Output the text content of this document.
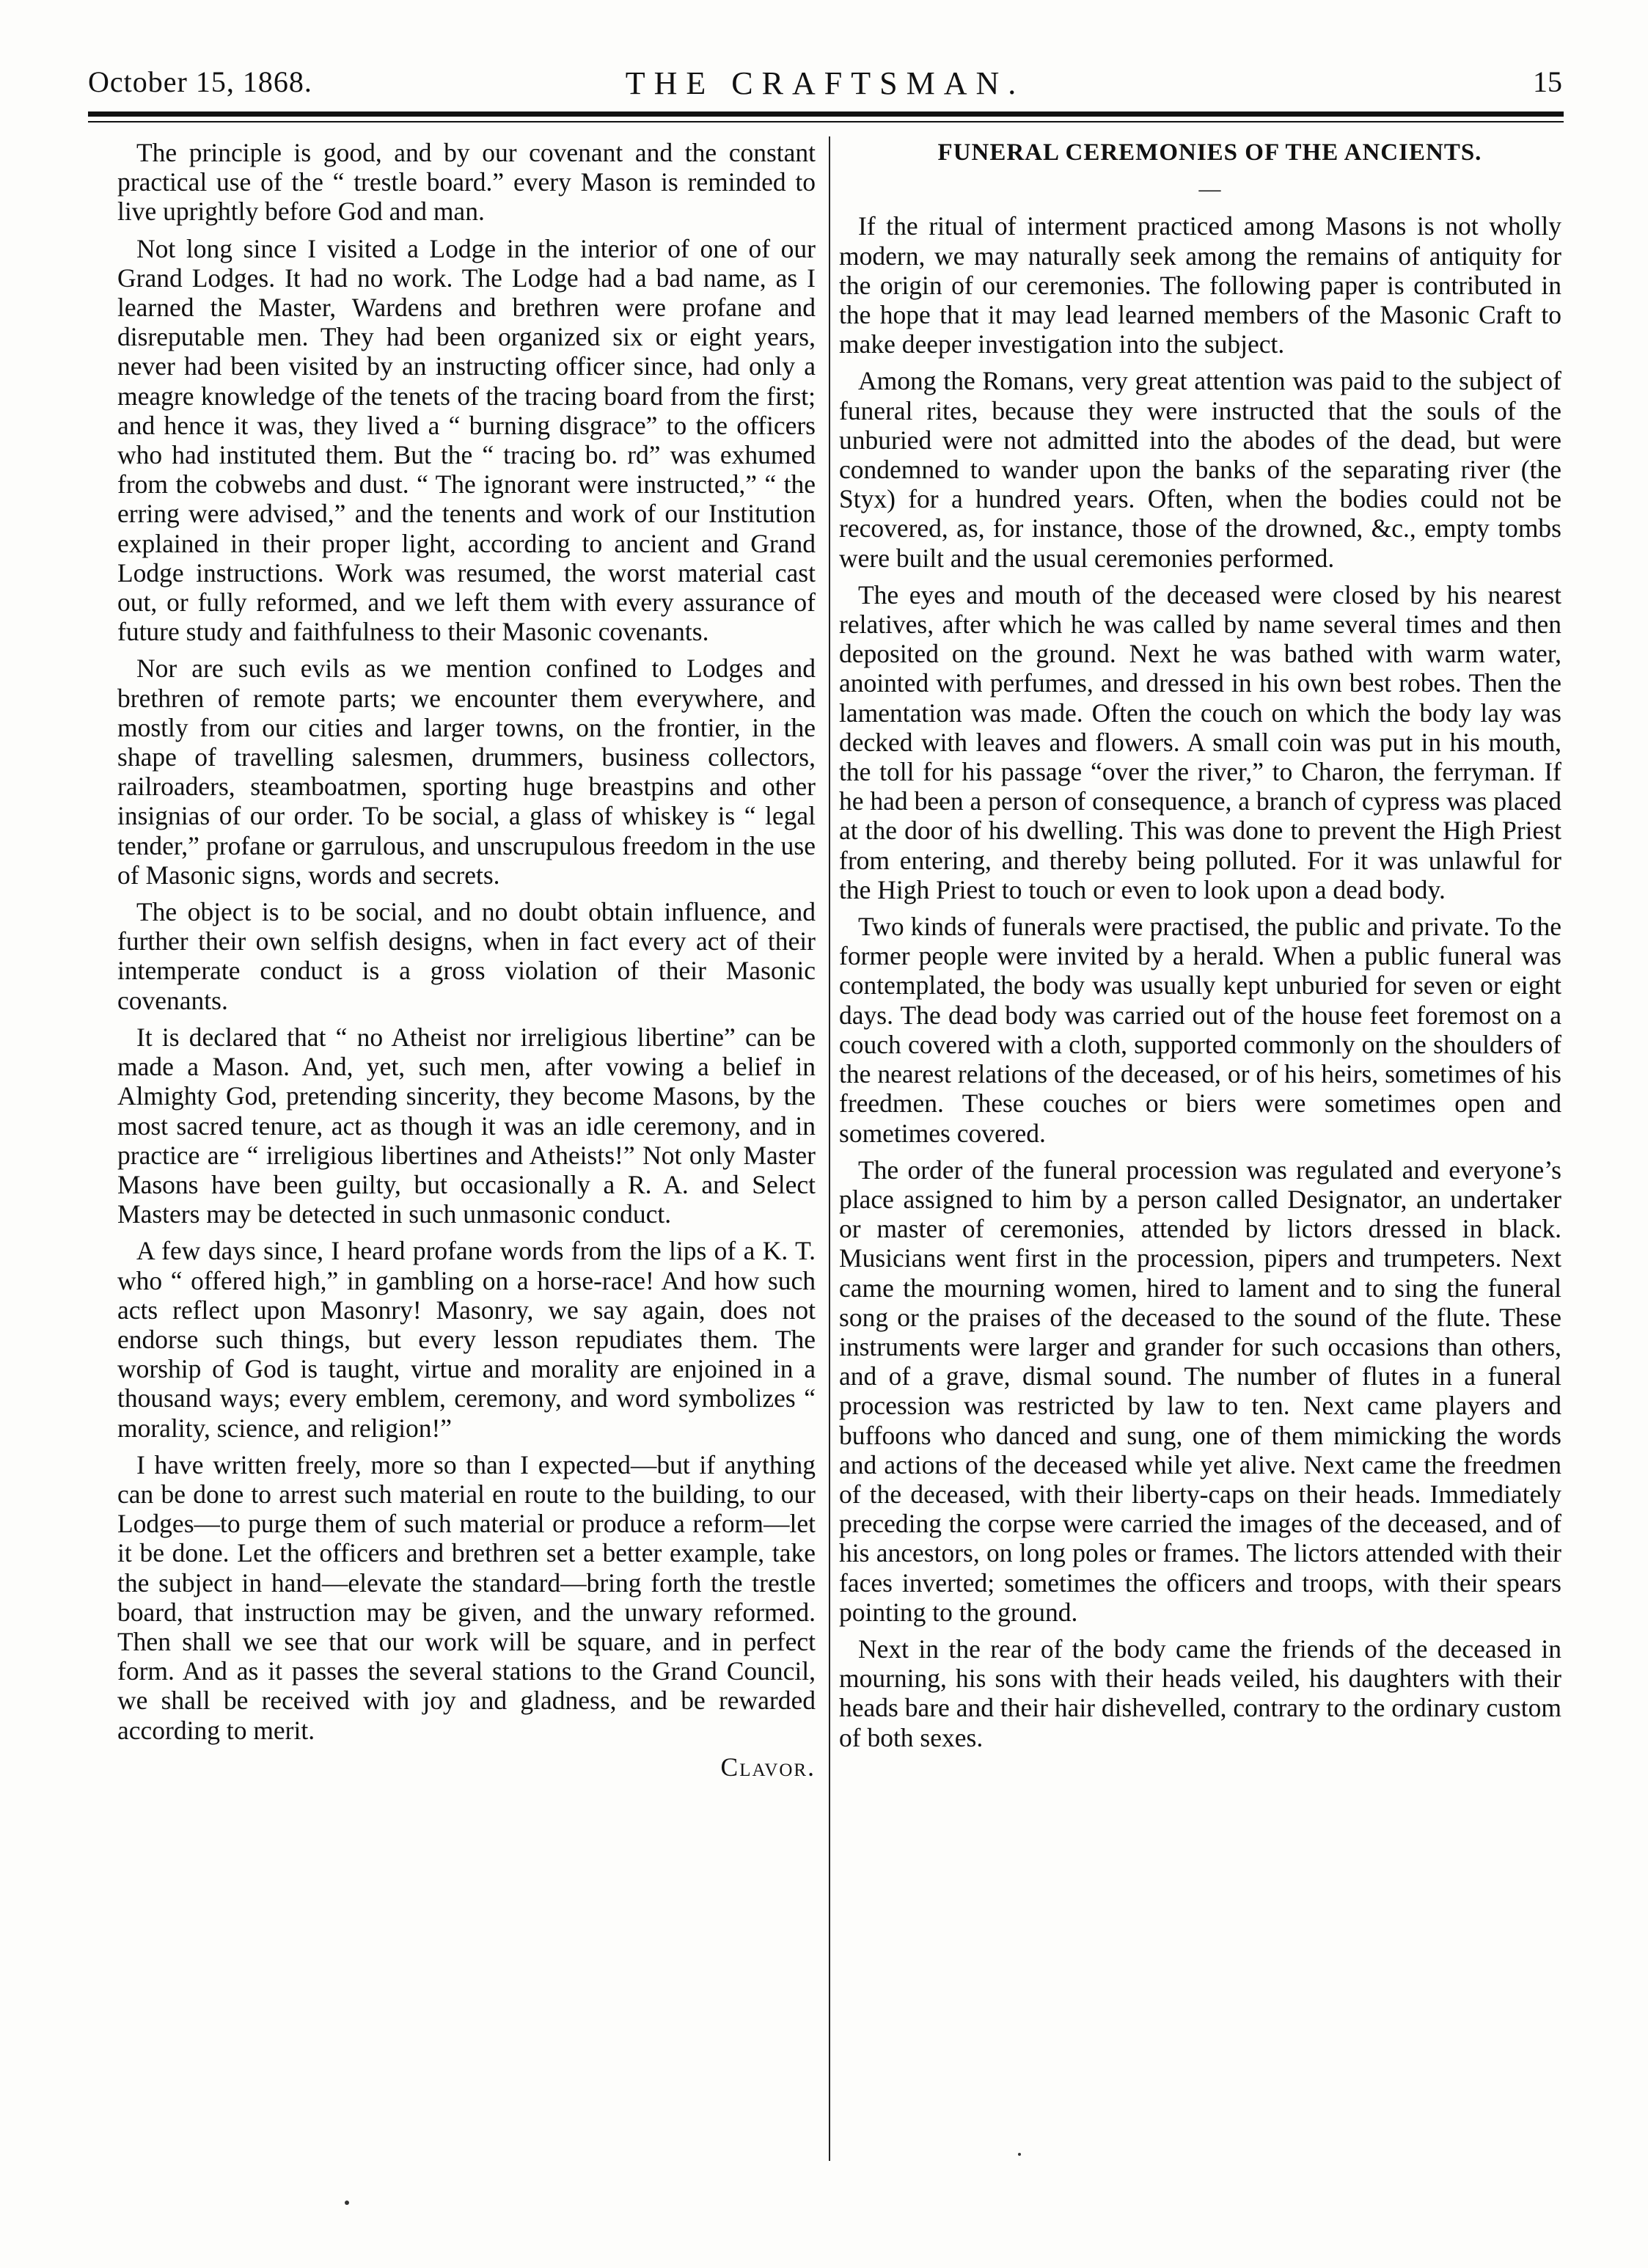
THE CRAFTSMAN.
October 15, 1868.	15

The principle is good, and by our covenant and the constant practical use of the “ trestle board.” every Mason is reminded to live uprightly before God and man.

Not long since I visited a Lodge in the interior of one of our Grand Lodges. It had no work. The Lodge had a bad name, as I learned the Master, Wardens and brethren were profane and disreputable men. They had been organized six or eight years, never had been visited by an instructing officer since, had only a meagre knowledge of the tenets of the tracing board from the first; and hence it was, they lived a “ burning disgrace” to the officers who had instituted them. But the “ tracing bo. rd” was exhumed from the cobwebs and dust. “ The ignorant were instructed,” “ the erring were advised,” and the tenents and work of our Institution explained in their proper light, according to ancient and Grand Lodge instructions. Work was resumed, the worst material cast out, or fully reformed, and we left them with every assurance of future study and faithfulness to their Masonic covenants.

Nor are such evils as we mention confined to Lodges and brethren of remote parts; we encounter them everywhere, and mostly from our cities and larger towns, on the frontier, in the shape of travelling salesmen, drummers, business collectors, railroaders, steamboatmen, sporting huge breastpins and other insignias of our order. To be social, a glass of whiskey is “ legal tender,” profane or garrulous, and unscrupulous freedom in the use of Masonic signs, words and secrets.

The object is to be social, and no doubt obtain influence, and further their own selfish designs, when in fact every act of their intemperate conduct is a gross violation of their Masonic covenants.

It is declared that “ no Atheist nor irreligious libertine” can be made a Mason. And, yet, such men, after vowing a belief in Almighty God, pretending sincerity, they become Masons, by the most sacred tenure, act as though it was an idle ceremony, and in practice are “ irreligious libertines and Atheists!” Not only Master Masons have been guilty, but occasionally a R. A. and Select Masters may be detected in such unmasonic conduct.

A few days since, I heard profane words from the lips of a K. T. who “ offered high,” in gambling on a horse-race! And how such acts reflect upon Masonry! Masonry, we say again, does not endorse such things, but every lesson repudiates them. The worship of God is taught, virtue and morality are enjoined in a thousand ways; every emblem, ceremony, and word symbolizes “ morality, science, and religion!”

I have written freely, more so than I expected—but if anything can be done to arrest such material en route to the building, to our Lodges—to purge them of such material or produce a reform—let it be done. Let the officers and brethren set a better example, take the subject in hand—elevate the standard—bring forth the trestle board, that instruction may be given, and the unwary reformed. Then shall we see that our work will be square, and in perfect form. And as it passes the several stations to the Grand Council, we shall be received with joy and gladness, and be rewarded according to merit.

Clavor.

FUNERAL CEREMONIES OF THE ANCIENTS.

—

If the ritual of interment practiced among Masons is not wholly modern, we may naturally seek among the remains of antiquity for the origin of our ceremonies. The following paper is contributed in the hope that it may lead learned members of the Masonic Craft to make deeper investigation into the subject.

Among the Romans, very great attention was paid to the subject of funeral rites, because they were instructed that the souls of the unburied were not admitted into the abodes of the dead, but were condemned to wander upon the banks of the separating river (the Styx) for a hundred years. Often, when the bodies could not be recovered, as, for instance, those of the drowned, &c., empty tombs were built and the usual ceremonies performed.

The eyes and mouth of the deceased were closed by his nearest relatives, after which he was called by name several times and then deposited on the ground. Next he was bathed with warm water, anointed with perfumes, and dressed in his own best robes. Then the lamentation was made. Often the couch on which the body lay was decked with leaves and flowers. A small coin was put in his mouth, the toll for his passage “over the river,” to Charon, the ferryman. If he had been a person of consequence, a branch of cypress was placed at the door of his dwelling. This was done to prevent the High Priest from entering, and thereby being polluted. For it was unlawful for the High Priest to touch or even to look upon a dead body.

Two kinds of funerals were practised, the public and private. To the former people were invited by a herald. When a public funeral was contemplated, the body was usually kept unburied for seven or eight days. The dead body was carried out of the house feet foremost on a couch covered with a cloth, supported commonly on the shoulders of the nearest relations of the deceased, or of his heirs, sometimes of his freedmen. These couches or biers were sometimes open and sometimes covered.

The order of the funeral procession was regulated and everyone’s place assigned to him by a person called Designator, an undertaker or master of ceremonies, attended by lictors dressed in black. Musicians went first in the procession, pipers and trumpeters. Next came the mourning women, hired to lament and to sing the funeral song or the praises of the deceased to the sound of the flute. These instruments were larger and grander for such occasions than others, and of a grave, dismal sound. The number of flutes in a funeral procession was restricted by law to ten. Next came players and buffoons who danced and sung, one of them mimicking the words and actions of the deceased while yet alive. Next came the freedmen of the deceased, with their liberty-caps on their heads. Immediately preceding the corpse were carried the images of the deceased, and of his ancestors, on long poles or frames. The lictors attended with their faces inverted; sometimes the officers and troops, with their spears pointing to the ground.

Next in the rear of the body came the friends of the deceased in mourning, his sons with their heads veiled, his daughters with their heads bare and their hair dishevelled, contrary to the ordinary custom of both sexes.
